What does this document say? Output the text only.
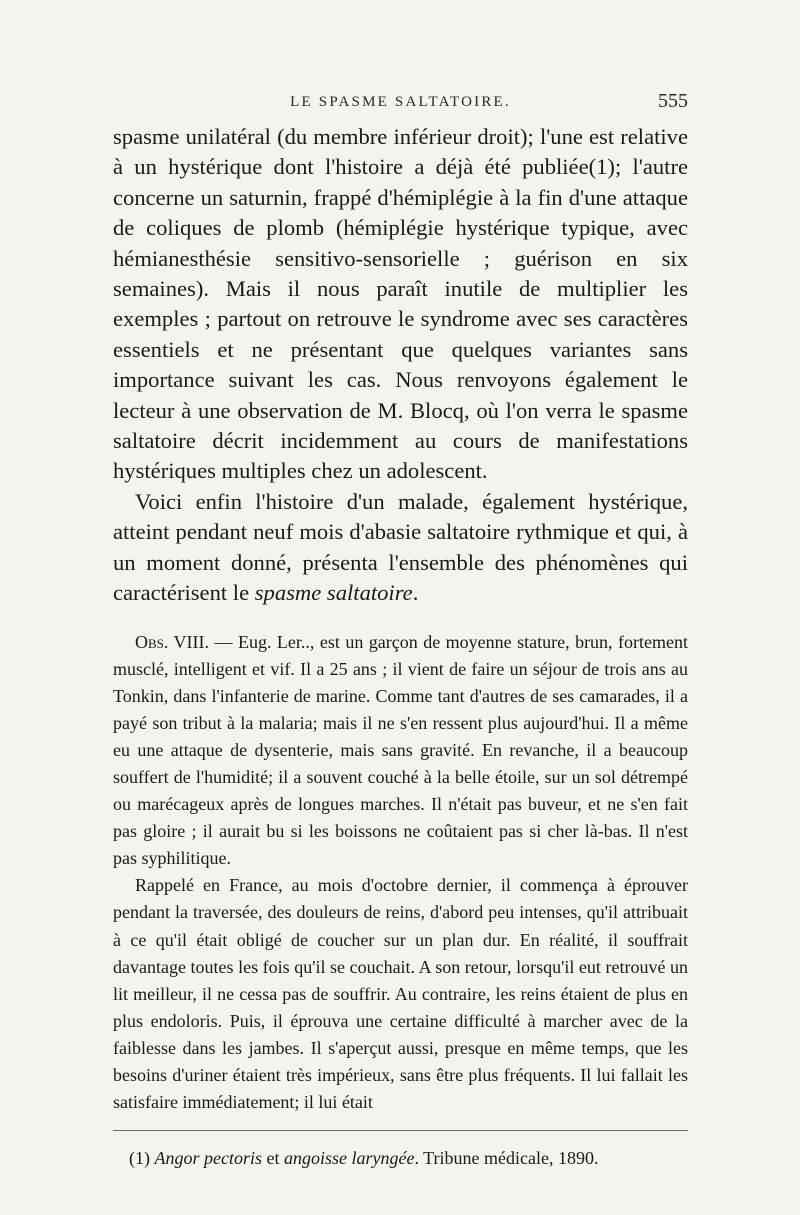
LE SPASME SALTATOIRE.	555

spasme unilatéral (du membre inférieur droit); l'une est relative à un hystérique dont l'histoire a déjà été publiée(1); l'autre concerne un saturnin, frappé d'hémiplégie à la fin d'une attaque de coliques de plomb (hémiplégie hystérique typique, avec hémianesthésie sensitivo-sensorielle ; guérison en six semaines). Mais il nous paraît inutile de multiplier les exemples ; partout on retrouve le syndrome avec ses caractères essentiels et ne présentant que quelques variantes sans importance suivant les cas. Nous renvoyons également le lecteur à une observation de M. Blocq, où l'on verra le spasme saltatoire décrit incidemment au cours de manifestations hystériques multiples chez un adolescent.

Voici enfin l'histoire d'un malade, également hystérique, atteint pendant neuf mois d'abasie saltatoire rythmique et qui, à un moment donné, présenta l'ensemble des phénomènes qui caractérisent le spasme saltatoire.

Obs. VIII. — Eug. Ler.., est un garçon de moyenne stature, brun, fortement musclé, intelligent et vif. Il a 25 ans ; il vient de faire un séjour de trois ans au Tonkin, dans l'infanterie de marine. Comme tant d'autres de ses camarades, il a payé son tribut à la malaria; mais il ne s'en ressent plus aujourd'hui. Il a même eu une attaque de dysenterie, mais sans gravité. En revanche, il a beaucoup souffert de l'humidité; il a souvent couché à la belle étoile, sur un sol détrempé ou marécageux après de longues marches. Il n'était pas buveur, et ne s'en fait pas gloire ; il aurait bu si les boissons ne coûtaient pas si cher là-bas. Il n'est pas syphilitique.

Rappelé en France, au mois d'octobre dernier, il commença à éprouver pendant la traversée, des douleurs de reins, d'abord peu intenses, qu'il attribuait à ce qu'il était obligé de coucher sur un plan dur. En réalité, il souffrait davantage toutes les fois qu'il se couchait. A son retour, lorsqu'il eut retrouvé un lit meilleur, il ne cessa pas de souffrir. Au contraire, les reins étaient de plus en plus endoloris. Puis, il éprouva une certaine difficulté à marcher avec de la faiblesse dans les jambes. Il s'aperçut aussi, presque en même temps, que les besoins d'uriner étaient très impérieux, sans être plus fréquents. Il lui fallait les satisfaire immédiatement; il lui était

(1) Angor pectoris et angoisse laryngée. Tribune médicale, 1890.
